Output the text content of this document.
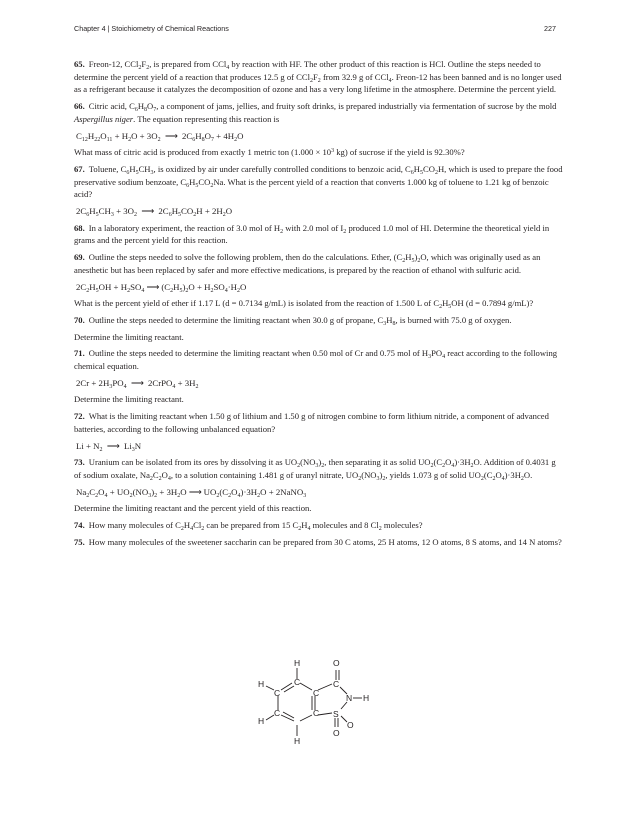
Chapter 4 | Stoichiometry of Chemical Reactions	227

65. Freon-12, $CCl_2F_2$, is prepared from CCl$_4$ by reaction with HF. The other product of this reaction is HCl. Outline the steps needed to determine the percent yield of a reaction that produces 12.5 g of $CCl_2F_2$ from 32.9 g of CCl$_4$. Freon-12 has been banned and is no longer used as a refrigerant because it catalyzes the decomposition of ozone and has a very long lifetime in the atmosphere. Determine the percent yield.

66. Citric acid, $C_6H_8O_7$, a component of jams, jellies, and fruity soft drinks, is prepared industrially via fermentation of sucrose by the mold Aspergillus niger. The equation representing this reaction is

$C_{12}H_{22}O_{11} + H_2O + 3O_2$  ⟶  $2C_6H_8O_7 + 4H_2O$

What mass of citric acid is produced from exactly 1 metric ton ($1.000 \times 10^3$ kg) of sucrose if the yield is 92.30%?

67. Toluene, $C_6H_5CH_3$, is oxidized by air under carefully controlled conditions to benzoic acid, $C_6H_5CO_2H$, which is used to prepare the food preservative sodium benzoate, $C_6H_5CO_2Na$. What is the percent yield of a reaction that converts 1.000 kg of toluene to 1.21 kg of benzoic acid?

$2C_6H_5CH_3 + 3O_2$  ⟶  $2C_6H_5CO_2H + 2H_2O$

68. In a laboratory experiment, the reaction of 3.0 mol of $H_2$ with 2.0 mol of $I_2$ produced 1.0 mol of HI. Determine the theoretical yield in grams and the percent yield for this reaction.

69. Outline the steps needed to solve the following problem, then do the calculations. Ether, $(C_2H_5)_2O$, which was originally used as an anesthetic but has been replaced by safer and more effective medications, is prepared by the reaction of ethanol with sulfuric acid.

$2C_2H_5OH + H_2SO_4$ ⟶ $(C_2H_5)_2O + H_2SO_4\cdot H_2O$

What is the percent yield of ether if 1.17 L (d = 0.7134 g/mL) is isolated from the reaction of 1.500 L of $C_2H_5OH$ (d = 0.7894 g/mL)?

70. Outline the steps needed to determine the limiting reactant when 30.0 g of propane, $C_3H_8$, is burned with 75.0 g of oxygen.

Determine the limiting reactant.

71. Outline the steps needed to determine the limiting reactant when 0.50 mol of Cr and 0.75 mol of $H_3PO_4$ react according to the following chemical equation.

$2Cr + 2H_3PO_4$  ⟶  2CrPO$_4$ + $3H_2$

Determine the limiting reactant.

72. What is the limiting reactant when 1.50 g of lithium and 1.50 g of nitrogen combine to form lithium nitride, a component of advanced batteries, according to the following unbalanced equation?

$Li + N_2$  ⟶  $Li_3N$

73. Uranium can be isolated from its ores by dissolving it as $UO_2(NO_3)_2$, then separating it as solid $UO_2(C_2O_4)\cdot 3H_2O$. Addition of 0.4031 g of sodium oxalate, $Na_2C_2O_4$, to a solution containing 1.481 g of uranyl nitrate, $UO_2(NO_3)_2$, yields 1.073 g of solid $UO_2(C_2O_4)\cdot 3H_2O$.

$Na_2C_2O_4 + UO_2(NO_3)_2 + 3H_2O$ ⟶ $UO_2(C_2O_4)\cdot 3H_2O$ + 2NaNO$_3$

Determine the limiting reactant and the percent yield of this reaction.

74. How many molecules of $C_2H_4Cl_2$ can be prepared from 15 $C_2H_4$ molecules and 8 $Cl_2$ molecules?

75. How many molecules of the sweetener saccharin can be prepared from 30 C atoms, 25 H atoms, 12 O atoms, 8 S atoms, and 14 N atoms?

H
C
C
O
H
C
C
N H
H
C	C S
O
O
H
